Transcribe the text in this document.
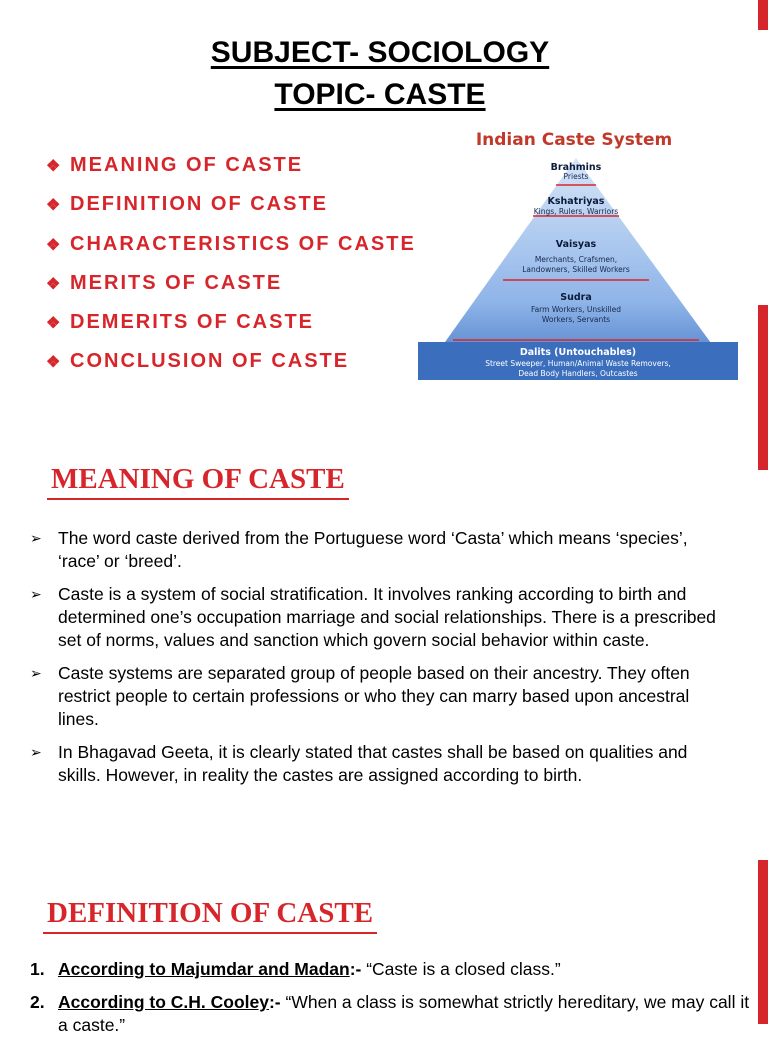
SUBJECT- SOCIOLOGY
TOPIC- CASTE
❖ MEANING OF CASTE
❖ DEFINITION OF CASTE
❖ CHARACTERISTICS OF CASTE
❖ MERITS OF CASTE
❖ DEMERITS OF CASTE
❖ CONCLUSION OF CASTE
Indian Caste System
Brahmins
Priests
Kshatriyas
Kings, Rulers, Warriors
Vaisyas
Merchants, Crafsmen,
Landowners, Skilled Workers
Sudra
Farm Workers, Unskilled
Workers, Servants
Dalits (Untouchables)
Street Sweeper, Human/Animal Waste Removers,
Dead Body Handlers, Outcastes
MEANING OF CASTE
➢ The word caste derived from the Portuguese word ‘Casta’ which means ‘species’, ‘race’ or ‘breed’.
➢ Caste is a system of social stratification. It involves ranking according to birth and determined one’s occupation marriage and social relationships. There is a prescribed set of norms, values and sanction which govern social behavior within caste.
➢ Caste systems are separated group of people based on their ancestry. They often restrict people to certain professions or who they can marry based upon ancestral lines.
➢ In Bhagavad Geeta, it is clearly stated that castes shall be based on qualities and skills. However, in reality the castes are assigned according to birth.
DEFINITION OF CASTE
1. According to Majumdar and Madan:- “Caste is a closed class.”
2. According to C.H. Cooley:- “When a class is somewhat strictly hereditary, we may call it a caste.”
